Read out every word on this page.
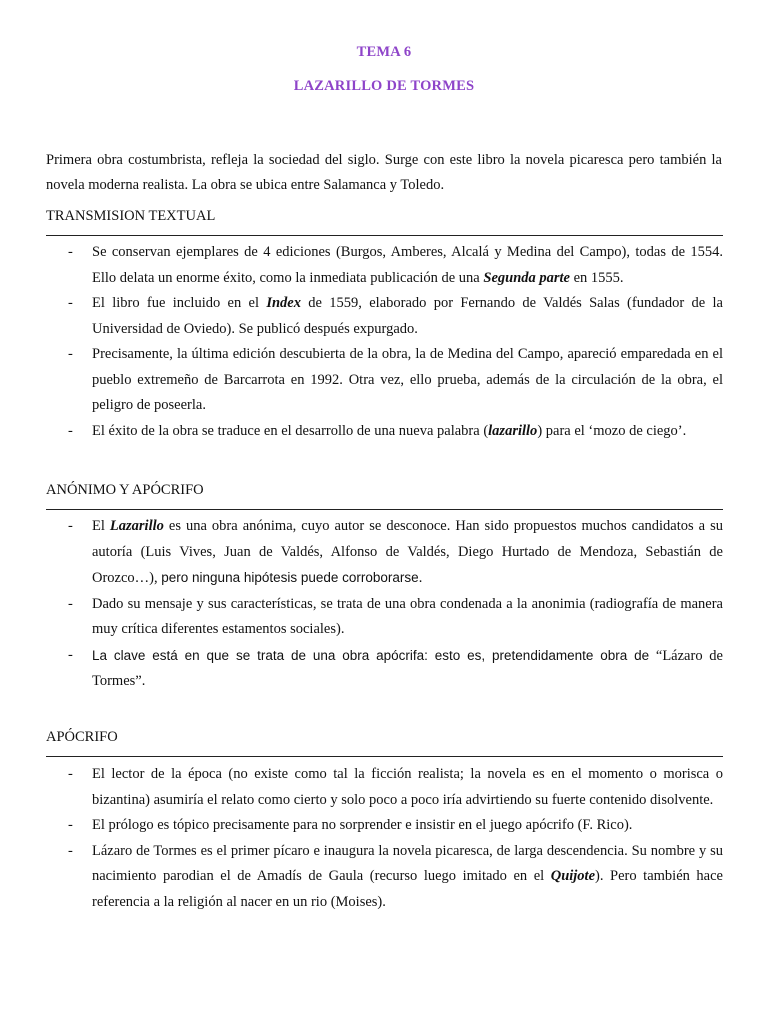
TEMA 6
LAZARILLO DE TORMES
Primera obra costumbrista, refleja la sociedad del siglo. Surge con este libro la novela picaresca pero también la novela moderna realista. La obra se ubica entre Salamanca y Toledo.
TRANSMISION TEXTUAL
- Se conservan ejemplares de 4 ediciones (Burgos, Amberes, Alcalá y Medina del Campo), todas de 1554. Ello delata un enorme éxito, como la inmediata publicación de una Segunda parte en 1555.
- El libro fue incluido en el Index de 1559, elaborado por Fernando de Valdés Salas (fundador de la Universidad de Oviedo). Se publicó después expurgado.
- Precisamente, la última edición descubierta de la obra, la de Medina del Campo, apareció emparedada en el pueblo extremeño de Barcarrota en 1992. Otra vez, ello prueba, además de la circulación de la obra, el peligro de poseerla.
- El éxito de la obra se traduce en el desarrollo de una nueva palabra (lazarillo) para el ‘mozo de ciego’.
ANÓNIMO Y APÓCRIFO
- El Lazarillo es una obra anónima, cuyo autor se desconoce. Han sido propuestos muchos candidatos a su autoría (Luis Vives, Juan de Valdés, Alfonso de Valdés, Diego Hurtado de Mendoza, Sebastián de Orozco…), pero ninguna hipótesis puede corroborarse.
- Dado su mensaje y sus características, se trata de una obra condenada a la anonimia (radiografía de manera muy crítica diferentes estamentos sociales).
- La clave está en que se trata de una obra apócrifa: esto es, pretendidamente obra de “Lázaro de Tormes”.
APÓCRIFO
- El lector de la época (no existe como tal la ficción realista; la novela es en el momento o morisca o bizantina) asumiría el relato como cierto y solo poco a poco iría advirtiendo su fuerte contenido disolvente.
- El prólogo es tópico precisamente para no sorprender e insistir en el juego apócrifo (F. Rico).
- Lázaro de Tormes es el primer pícaro e inaugura la novela picaresca, de larga descendencia. Su nombre y su nacimiento parodian el de Amadís de Gaula (recurso luego imitado en el Quijote). Pero también hace referencia a la religión al nacer en un rio (Moises).
